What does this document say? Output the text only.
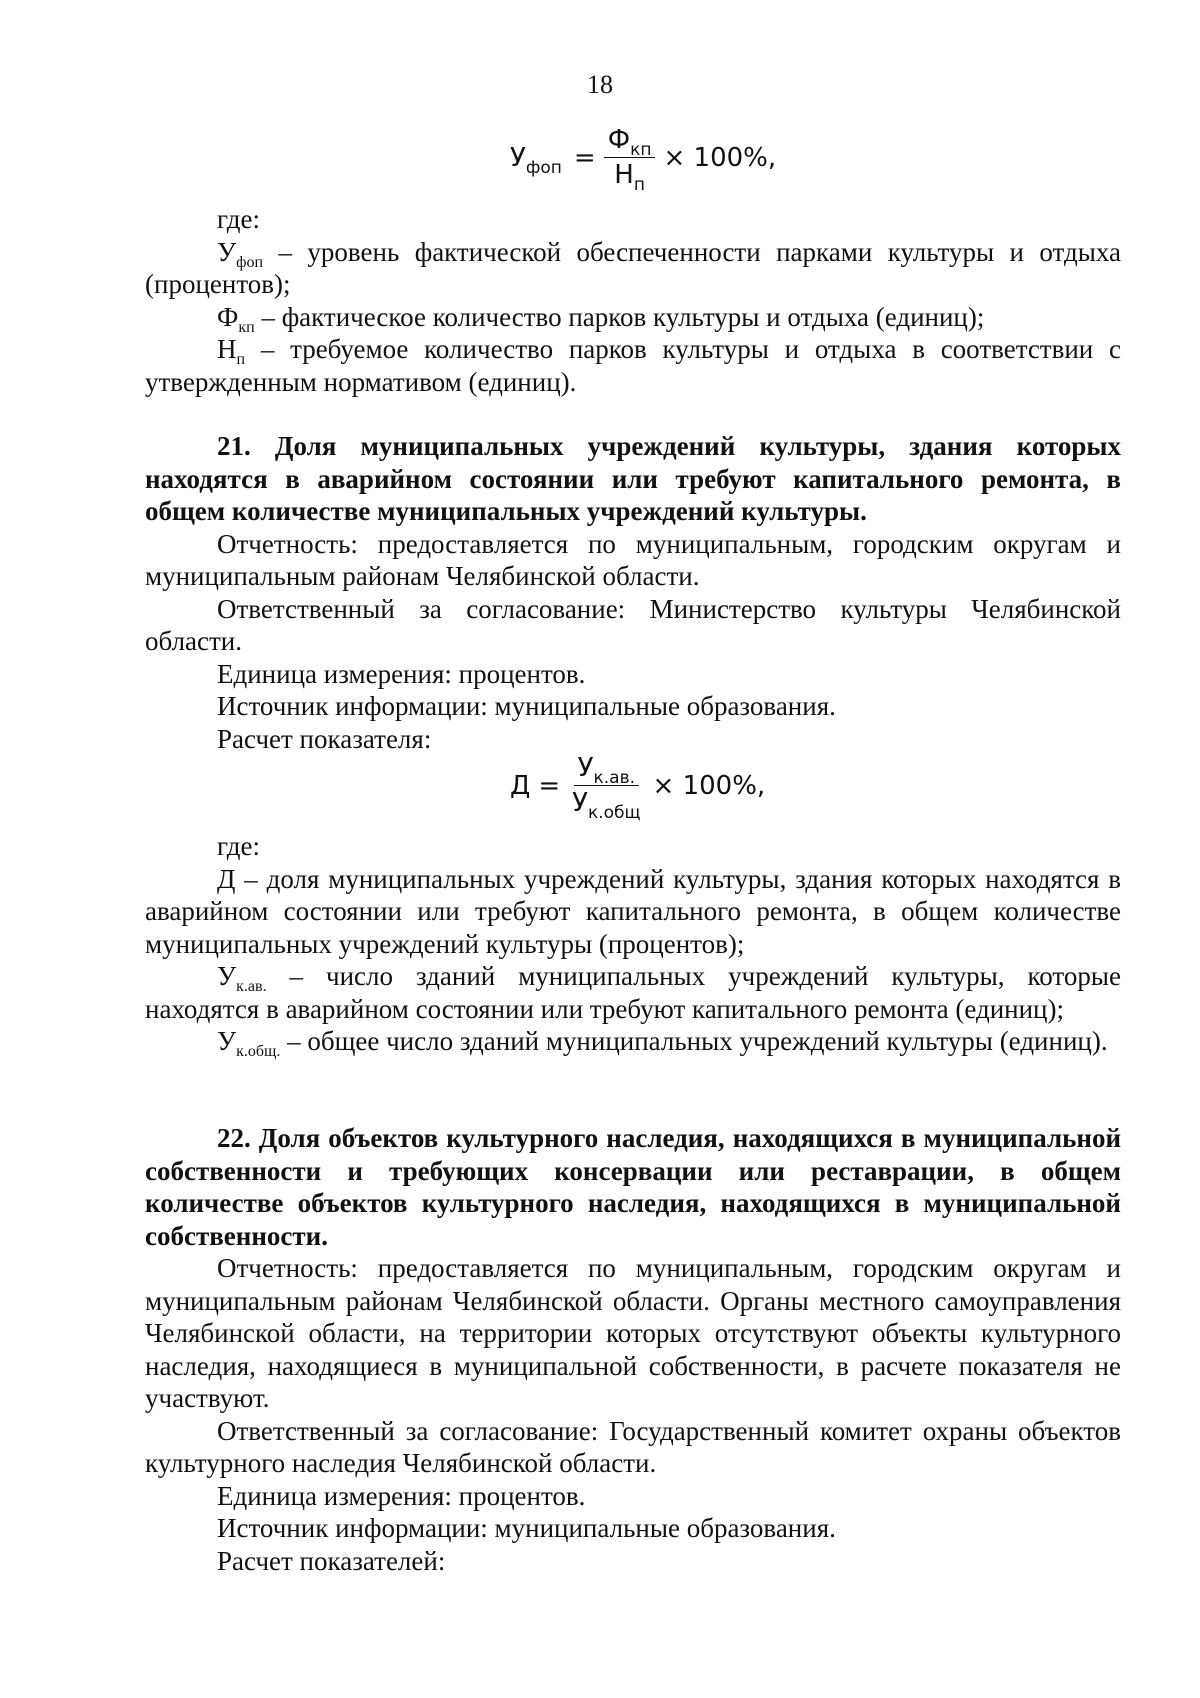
18
$У_{фоп} = \frac{Ф_{кп}}{Н_п} \times 100\%$,

где:

$У_{фоп}$ – уровень фактической обеспеченности парками культуры и отдыха (процентов);

$Ф_{кп}$ – фактическое количество парков культуры и отдыха (единиц);

$Н_п$ – требуемое количество парков культуры и отдыха в соответствии с утвержденным нормативом (единиц).

21. Доля муниципальных учреждений культуры, здания которых находятся в аварийном состоянии или требуют капитального ремонта, в общем количестве муниципальных учреждений культуры.

Отчетность: предоставляется по муниципальным, городским округам и муниципальным районам Челябинской области.

Ответственный за согласование: Министерство культуры Челябинской области.

Единица измерения: процентов.

Источник информации: муниципальные образования.

Расчет показателя:

$Д = \frac{У_{к.ав.}}{У_{к.общ}} \times 100\%$,

где:

Д – доля муниципальных учреждений культуры, здания которых находятся в аварийном состоянии или требуют капитального ремонта, в общем количестве муниципальных учреждений культуры (процентов);

$У_{к.ав.}$ – число зданий муниципальных учреждений культуры, которые находятся в аварийном состоянии или требуют капитального ремонта (единиц);

$У_{к.общ.}$ – общее число зданий муниципальных учреждений культуры (единиц).

22. Доля объектов культурного наследия, находящихся в муниципальной собственности и требующих консервации или реставрации, в общем количестве объектов культурного наследия, находящихся в муниципальной собственности.

Отчетность: предоставляется по муниципальным, городским округам и муниципальным районам Челябинской области. Органы местного самоуправления Челябинской области, на территории которых отсутствуют объекты культурного наследия, находящиеся в муниципальной собственности, в расчете показателя не участвуют.

Ответственный за согласование: Государственный комитет охраны объектов культурного наследия Челябинской области.

Единица измерения: процентов.

Источник информации: муниципальные образования.

Расчет показателей:
